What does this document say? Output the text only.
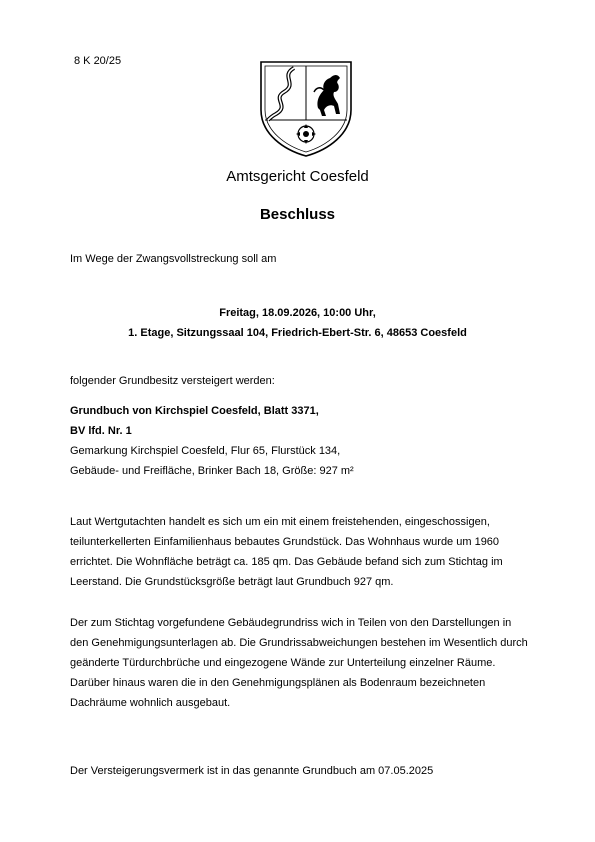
8 K 20/25
Amtsgericht Coesfeld
Beschluss
Im Wege der Zwangsvollstreckung soll am
Freitag, 18.09.2026, 10:00 Uhr,
1. Etage, Sitzungssaal 104, Friedrich-Ebert-Str. 6, 48653 Coesfeld
folgender Grundbesitz versteigert werden:
Grundbuch von Kirchspiel Coesfeld, Blatt 3371,
BV lfd. Nr. 1
Gemarkung Kirchspiel Coesfeld, Flur 65, Flurstück 134,
Gebäude- und Freifläche, Brinker Bach 18, Größe: 927 m²
Laut Wertgutachten handelt es sich um ein mit einem freistehenden, eingeschossigen, teilunterkellerten Einfamilienhaus bebautes Grundstück. Das Wohnhaus wurde um 1960 errichtet. Die Wohnfläche beträgt ca. 185 qm. Das Gebäude befand sich zum Stichtag im Leerstand. Die Grundstücksgröße beträgt laut Grundbuch 927 qm.
Der zum Stichtag vorgefundene Gebäudegrundriss wich in Teilen von den Darstellungen in den Genehmigungsunterlagen ab. Die Grundrissabweichungen bestehen im Wesentlich durch geänderte Türdurchbrüche und eingezogene Wände zur Unterteilung einzelner Räume. Darüber hinaus waren die in den Genehmigungsplänen als Bodenraum bezeichneten Dachräume wohnlich ausgebaut.
Der Versteigerungsvermerk ist in das genannte Grundbuch am 07.05.2025
